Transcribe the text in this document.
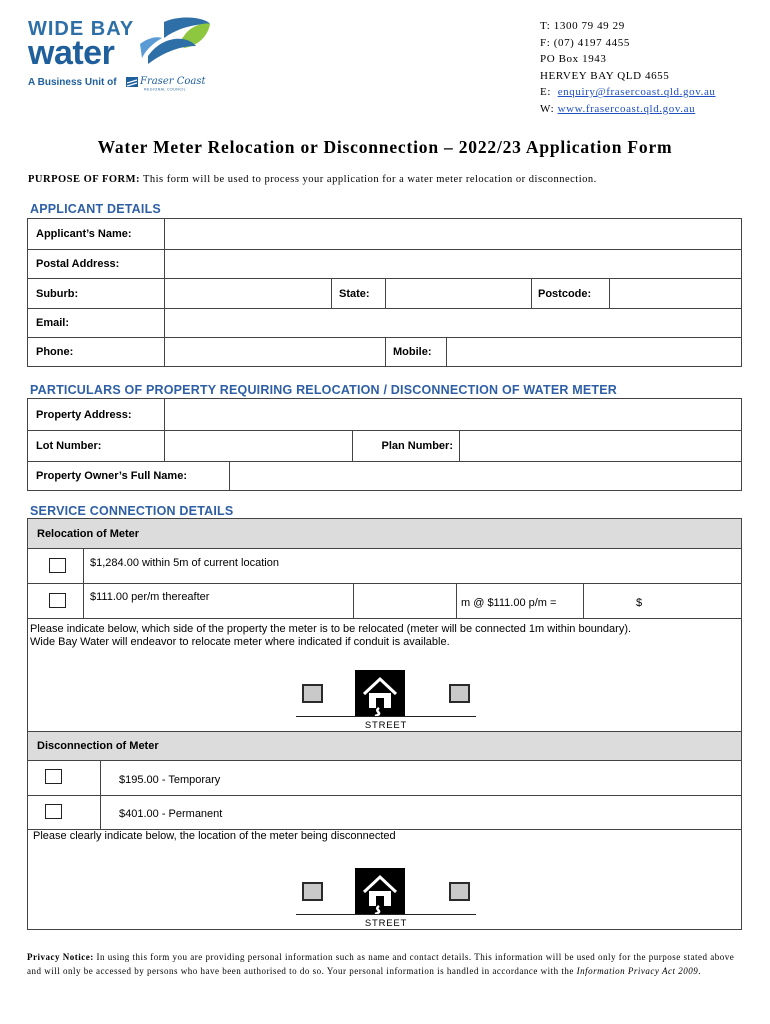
WIDE BAY
water
A Business Unit of Fraser Coast
REGIONAL COUNCIL
T: 1300 79 49 29
F: (07) 4197 4455
PO Box 1943
HERVEY BAY QLD 4655
E: enquiry@frasercoast.qld.gov.au
W: www.frasercoast.qld.gov.au
Water Meter Relocation or Disconnection – 2022/23 Application Form
PURPOSE OF FORM: This form will be used to process your application for a water meter relocation or disconnection.
APPLICANT DETAILS
Applicant’s Name:
Postal Address:
Suburb:	State:	Postcode:
Email:
Phone:	Mobile:
PARTICULARS OF PROPERTY REQUIRING RELOCATION / DISCONNECTION OF WATER METER
Property Address:
Lot Number:	Plan Number:
Property Owner’s Full Name:
SERVICE CONNECTION DETAILS
Relocation of Meter
$1,284.00 within 5m of current location
$111.00 per/m thereafter	m @ $111.00 p/m =	$
Please indicate below, which side of the property the meter is to be relocated (meter will be connected 1m within boundary).
Wide Bay Water will endeavor to relocate meter where indicated if conduit is available.
STREET
Disconnection of Meter
$195.00 - Temporary
$401.00 - Permanent
Please clearly indicate below, the location of the meter being disconnected
STREET
Privacy Notice: In using this form you are providing personal information such as name and contact details. This information will be used only for the purpose stated above and will only be accessed by persons who have been authorised to do so. Your personal information is handled in accordance with the Information Privacy Act 2009.
